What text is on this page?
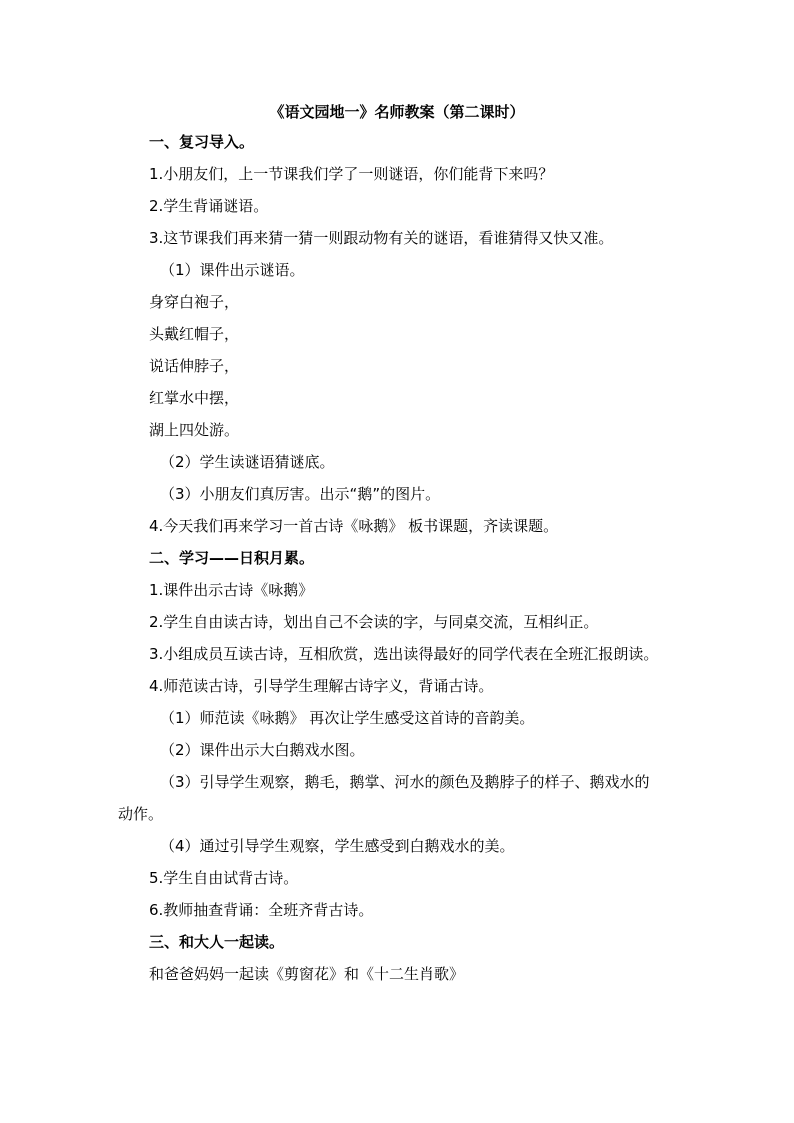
《语文园地一》名师教案（第二课时）
一、复习导入。
1.小朋友们，上一节课我们学了一则谜语，你们能背下来吗？
2.学生背诵谜语。
3.这节课我们再来猜一猜一则跟动物有关的谜语，看谁猜得又快又准。
（1）课件出示谜语。
身穿白袍子，
头戴红帽子，
说话伸脖子，
红掌水中摆，
湖上四处游。
（2）学生读谜语猜谜底。
（3）小朋友们真厉害。出示“鹅”的图片。
4.今天我们再来学习一首古诗《咏鹅》 板书课题，齐读课题。
二、学习——日积月累。
1.课件出示古诗《咏鹅》
2.学生自由读古诗，划出自己不会读的字，与同桌交流，互相纠正。
3.小组成员互读古诗，互相欣赏，选出读得最好的同学代表在全班汇报朗读。
4.师范读古诗，引导学生理解古诗字义，背诵古诗。
（1）师范读《咏鹅》 再次让学生感受这首诗的音韵美。
（2）课件出示大白鹅戏水图。
（3）引导学生观察，鹅毛，鹅掌、河水的颜色及鹅脖子的样子、鹅戏水的
动作。
（4）通过引导学生观察，学生感受到白鹅戏水的美。
5.学生自由试背古诗。
6.教师抽查背诵：全班齐背古诗。
三、和大人一起读。
和爸爸妈妈一起读《剪窗花》和《十二生肖歌》
